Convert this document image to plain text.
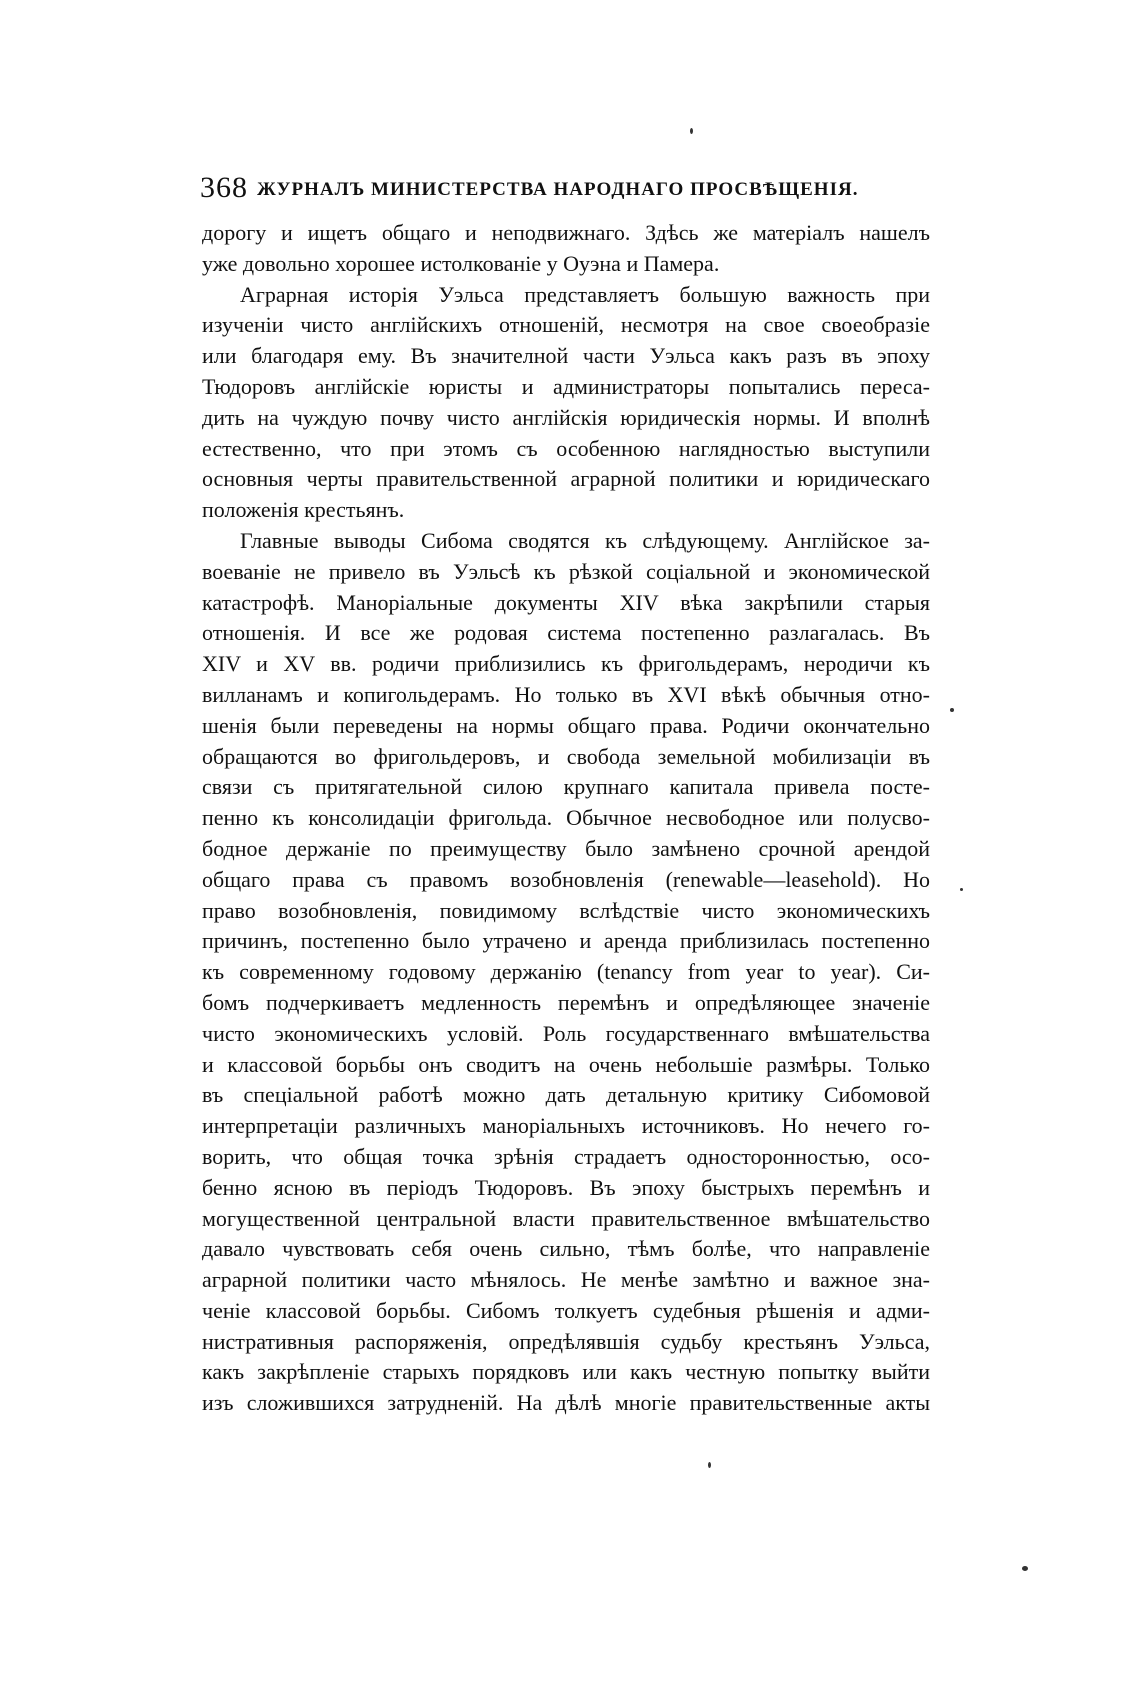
368 ЖУРНАЛЪ МИНИСТЕРСТВА НАРОДНАГО ПРОСВѢЩЕНІЯ.
дорогу и ищетъ общаго и неподвижнаго. Здѣсь же матеріалъ нашелъ
уже довольно хорошее истолкованіе у Оуэна и Памера.
Аграрная исторія Уэльса представляетъ большую важность при
изученіи чисто англійскихъ отношеній, несмотря на свое своеобразіе
или благодаря ему. Въ значителной части Уэльса какъ разъ въ эпоху
Тюдоровъ англійскіе юристы и администраторы попытались переса-
дить на чуждую почву чисто англійскія юридическія нормы. И вполнѣ
естественно, что при этомъ съ особенною наглядностью выступили
основныя черты правительственной аграрной политики и юридическаго
положенія крестьянъ.
Главные выводы Сибома сводятся къ слѣдующему. Англійское за-
воеваніе не привело въ Уэльсѣ къ рѣзкой соціальной и экономической
катастрофѣ. Манорiальные документы XIV вѣка закрѣпили старыя
отношенія. И все же родовая система постепенно разлагалась. Въ
XIV и XV вв. родичи приблизились къ фригольдерамъ, неродичи къ
вилланамъ и копигольдерамъ. Но только въ XVI вѣкѣ обычныя отно-
шенія были переведены на нормы общаго права. Родичи окончательно
обращаются во фригольдеровъ, и свобода земельной мобилизаціи въ
связи съ притягательной силою крупнаго капитала привела посте-
пенно къ консолидаціи фригольда. Обычное несвободное или полусво-
бодное держаніе по преимуществу было замѣнено срочной арендой
общаго права съ правомъ возобновленія (renewable—leasehold). Но
право возобновленія, повидимому вслѣдствіе чисто экономическихъ
причинъ, постепенно было утрачено и аренда приблизилась постепенно
къ современному годовому держанію (tenancy from year to year). Си-
бомъ подчеркиваетъ медленность перемѣнъ и опредѣляющее значеніе
чисто экономическихъ условій. Роль государственнаго вмѣшательства
и классовой борьбы онъ сводитъ на очень небольшіе размѣры. Только
въ спеціальной работѣ можно дать детальную критику Сибомовой
интерпретаціи различныхъ манорiальныхъ источниковъ. Но нечего го-
ворить, что общая точка зрѣнія страдаетъ односторонностью, осо-
бенно ясною въ періодъ Тюдоровъ. Въ эпоху быстрыхъ перемѣнъ и
могущественной центральной власти правительственное вмѣшательство
давало чувствовать себя очень сильно, тѣмъ болѣе, что направленіе
аграрной политики часто мѣнялось. Не менѣе замѣтно и важное зна-
ченіе классовой борьбы. Сибомъ толкуетъ судебныя рѣшенія и адми-
нистративныя распоряженія, опредѣлявшія судьбу крестьянъ Уэльса,
какъ закрѣпленіе старыхъ порядковъ или какъ честную попытку выйти
изъ сложившихся затрудненій. На дѣлѣ многіе правительственные акты
